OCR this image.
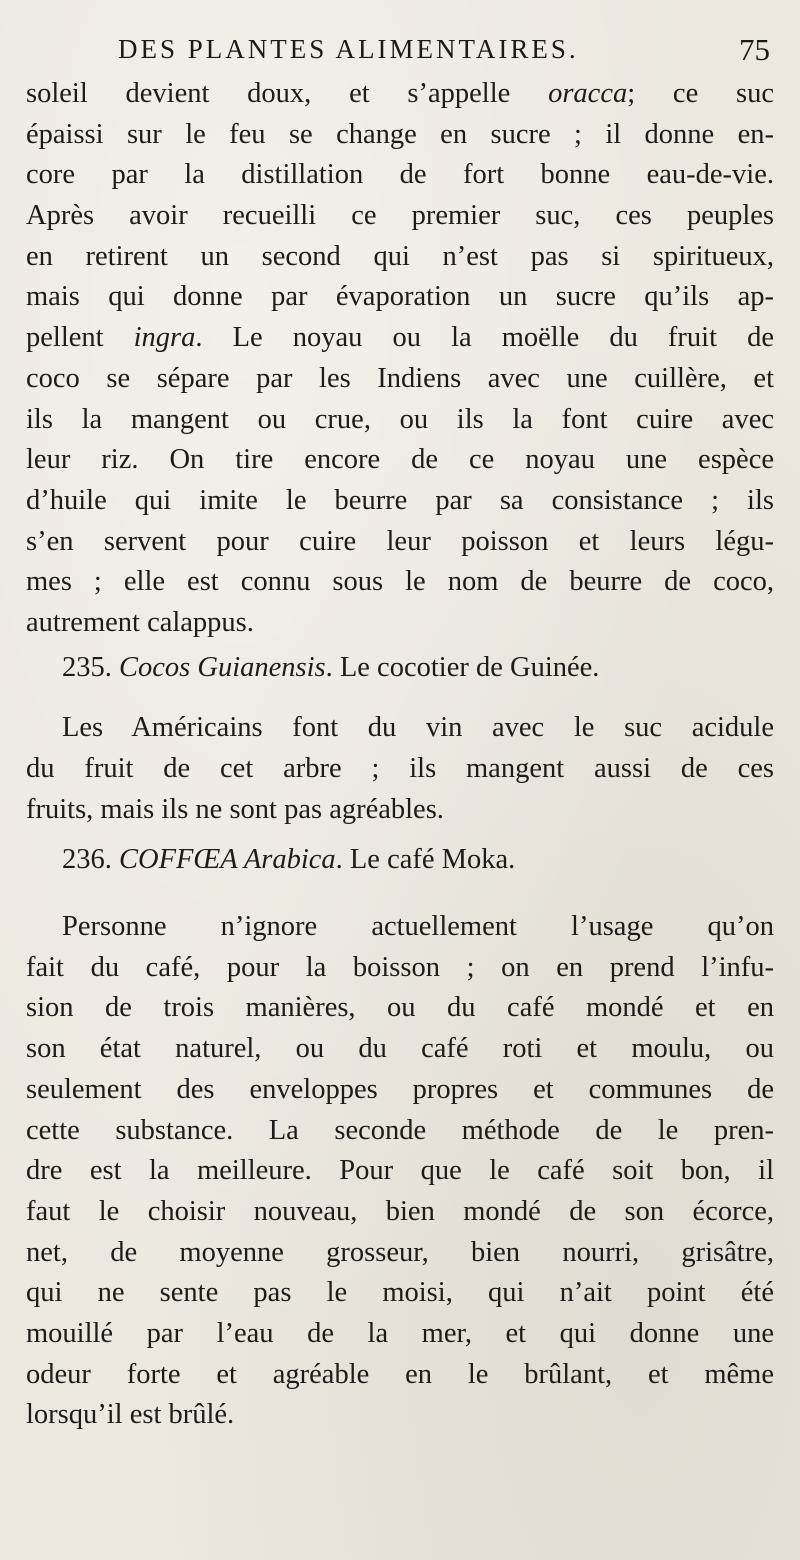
DES PLANTES ALIMENTAIRES.	75
soleil devient doux, et s’appelle oracca; ce suc
épaissi sur le feu se change en sucre ; il donne en-
core par la distillation de fort bonne eau-de-vie.
Après avoir recueilli ce premier suc, ces peuples
en retirent un second qui n’est pas si spiritueux,
mais qui donne par évaporation un sucre qu’ils ap-
pellent ingra. Le noyau ou la moëlle du fruit de
coco se sépare par les Indiens avec une cuillère, et
ils la mangent ou crue, ou ils la font cuire avec
leur riz. On tire encore de ce noyau une espèce
d’huile qui imite le beurre par sa consistance ; ils
s’en servent pour cuire leur poisson et leurs légu-
mes ; elle est connu sous le nom de beurre de coco,
autrement calappus.
235. Cocos Guianensis. Le cocotier de Guinée.
Les Américains font du vin avec le suc acidule
du fruit de cet arbre ; ils mangent aussi de ces
fruits, mais ils ne sont pas agréables.
236. COFFŒA Arabica. Le café Moka.
Personne n’ignore actuellement l’usage qu’on
fait du café, pour la boisson ; on en prend l’infu-
sion de trois manières, ou du café mondé et en
son état naturel, ou du café roti et moulu, ou
seulement des enveloppes propres et communes de
cette substance. La seconde méthode de le pren-
dre est la meilleure. Pour que le café soit bon, il
faut le choisir nouveau, bien mondé de son écorce,
net, de moyenne grosseur, bien nourri, grisâtre,
qui ne sente pas le moisi, qui n’ait point été
mouillé par l’eau de la mer, et qui donne une
odeur forte et agréable en le brûlant, et même
lorsqu’il est brûlé.
